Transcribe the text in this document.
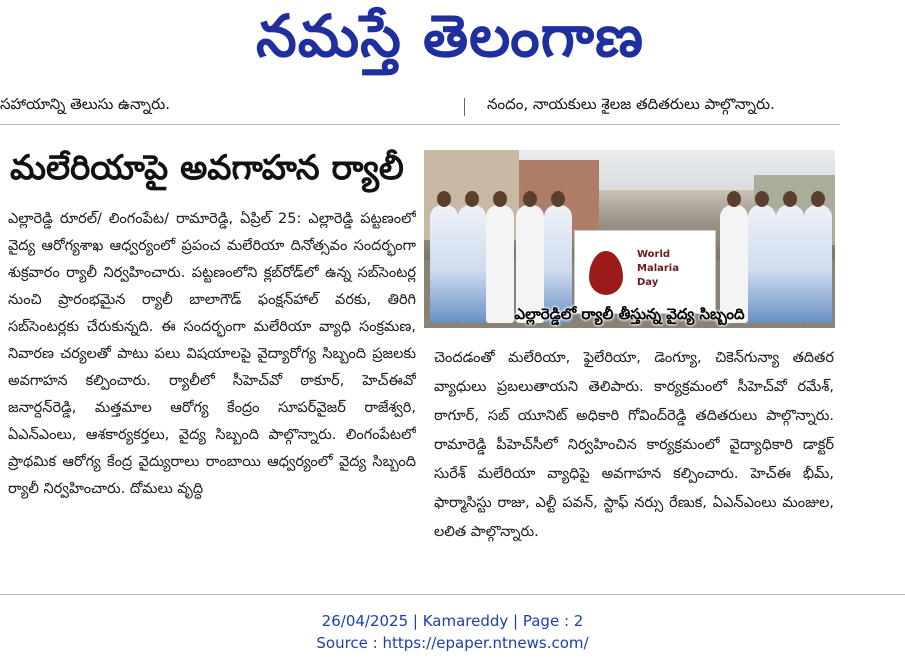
నమస్తే తెలంగాణ
సహాయాన్ని తెలుసు ఉన్నారు.	నందం, నాయకులు శైలజ తదితరులు పాల్గొన్నారు.
మలేరియాపై అవగాహన ర్యాలీ
ఎల్లారెడ్డి రూరల్/ లింగంపేట/ రామారెడ్డి, ఏప్రిల్ 25: ఎల్లారెడ్డి పట్టణంలో వైద్య ఆరోగ్యశాఖ ఆధ్వర్యంలో ప్రపంచ మలేరియా దినోత్సవం సందర్భంగా శుక్రవారం ర్యాలీ నిర్వహించారు. పట్టణంలోని క్లబ్‌రోడ్‌లో ఉన్న సబ్‌సెంటర్ల నుంచి ప్రారంభమైన ర్యాలీ బాలాగౌడ్ ఫంక్షన్‌హాల్ వరకు, తిరిగి సబ్‌సెంటర్లకు చేరుకున్నది. ఈ సందర్భంగా మలేరియా వ్యాధి సంక్రమణ, నివారణ చర్యలతో పాటు పలు విషయాలపై వైద్యారోగ్య సిబ్బంది ప్రజలకు అవగాహన కల్పించారు. ర్యాలీలో సీహెచ్‌వో ఠాకూర్, హెచ్‌ఈవో జనార్దన్‌రెడ్డి, మత్తమాల ఆరోగ్య కేంద్రం సూపర్‌వైజర్ రాజేశ్వరి, ఏఎన్‌ఎంలు, ఆశకార్యకర్తలు, వైద్య సిబ్బంది పాల్గొన్నారు. లింగంపేటలో ప్రాథమిక ఆరోగ్య కేంద్ర వైద్యురాలు రాంబాయి ఆధ్వర్యంలో వైద్య సిబ్బంది ర్యాలీ నిర్వహించారు. దోమలు వృద్ధి
World
Malaria
Day
ఎల్లారెడ్డిలో ర్యాలీ తీస్తున్న వైద్య సిబ్బంది
చెందడంతో మలేరియా, ఫైలేరియా, డెంగ్యూ, చికెన్‌గున్యా తదితర వ్యాధులు ప్రబలుతాయని తెలిపారు. కార్యక్రమంలో సీహెచ్‌వో రమేశ్, ఠాగూర్, సబ్ యూనిట్ అధికారి గోవింద్‌రెడ్డి తదితరులు పాల్గొన్నారు. రామారెడ్డి పీహెచ్‌సీలో నిర్వహించిన కార్యక్రమంలో వైద్యాధికారి డాక్టర్ సురేశ్ మలేరియా వ్యాధిపై అవగాహన కల్పించారు. హెచ్‌ఈ భీమ్, ఫార్మాసిస్టు రాజు, ఎల్టీ పవన్, స్టాఫ్ నర్సు రేణుక, ఏఎన్‌ఎంలు మంజుల, లలిత పాల్గొన్నారు.
26/04/2025 | Kamareddy | Page : 2
Source : https://epaper.ntnews.com/
